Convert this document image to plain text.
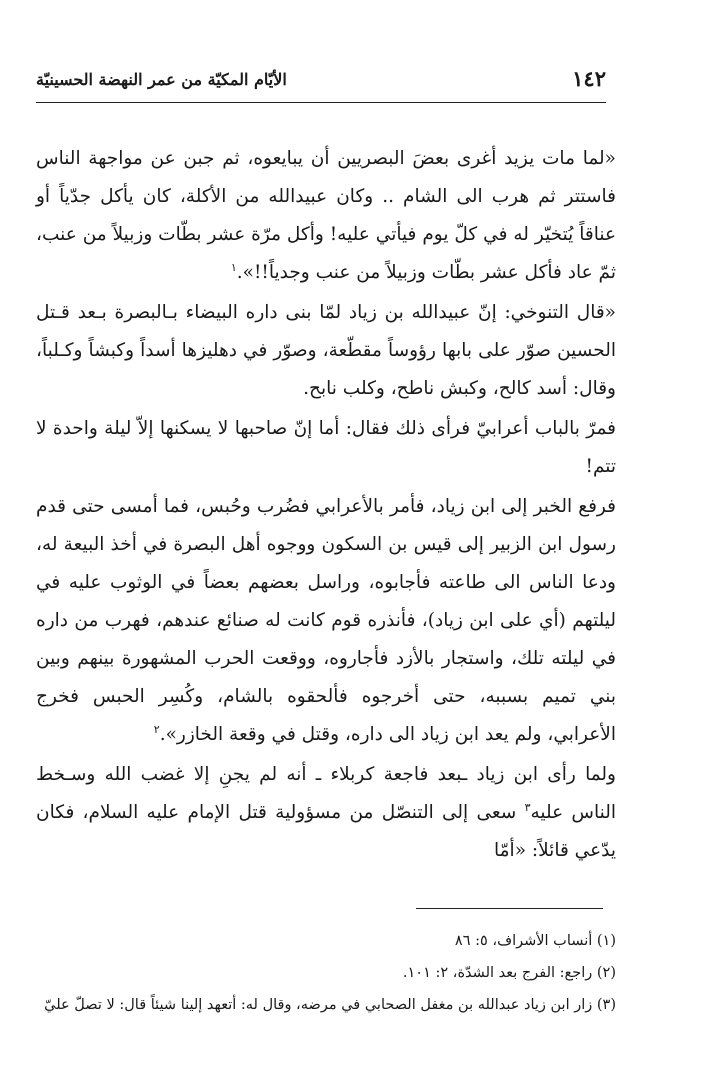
١٤٢
الأيّام المكيّة من عمر النهضة الحسينيّة

«لما مات يزيد أغرى بعضَ البصريين أن يبايعوه، ثم جبن عن مواجهة الناس فاستتر ثم هرب الى الشام .. وكان عبيدالله من الأكلة، كان يأكل جدّياً أو عناقاً يُتخيّر له في كلّ يوم فيأتي عليه! وأكل مرّة عشر بطّات وزبيلاً من عنب، ثمّ عاد فأكل عشر بطّات وزبيلاً من عنب وجدياً!!».$^١$

«قال التنوخي: إنّ عبيدالله بن زياد لمّا بنى داره البيضاء بـالبصرة بـعد قـتل الحسين صوّر على بابها رؤوساً مقطّعة، وصوّر في دهليزها أسداً وكبشاً وكـلباً، وقال: أسد كالح، وكبش ناطح، وكلب نابح.

فمرّ بالباب أعرابيّ فرأى ذلك فقال: أما إنّ صاحبها لا يسكنها إلاّ ليلة واحدة لا تتم!

فرفع الخبر إلى ابن زياد، فأمر بالأعرابي فضُرب وحُبس، فما أمسى حتى قدم رسول ابن الزبير إلى قيس بن السكون ووجوه أهل البصرة في أخذ البيعة له، ودعا الناس الى طاعته فأجابوه، وراسل بعضهم بعضاً في الوثوب عليه في ليلتهم (أي على ابن زياد)، فأنذره قوم كانت له صنائع عندهم، فهرب من داره في ليلته تلك، واستجار بالأزد فأجاروه، ووقعت الحرب المشهورة بينهم وبين بني تميم بسببه، حتى أخرجوه فألحقوه بالشام، وكُسِر الحبس فخرج الأعرابي، ولم يعد ابن زياد الى داره، وقتل في وقعة الخازر».$^٢$

ولما رأى ابن زياد ـبعد فاجعة كربلاء ـ أنه لم يجنِ إلا غضب الله وسـخط الناس عليه$^٣$ سعى إلى التنصّل من مسؤولية قتل الإمام عليه السلام، فكان يدّعي قائلاً: «أمّا

(١) أنساب الأشراف، ٥: ٨٦
(٢) راجع: الفرج بعد الشدّة، ٢: ١٠١.
(٣) زار ابن زياد عبدالله بن مغفل الصحابي في مرضه، وقال له: أتعهد إلينا شيئاً قال: لا تصلّ عليّ
